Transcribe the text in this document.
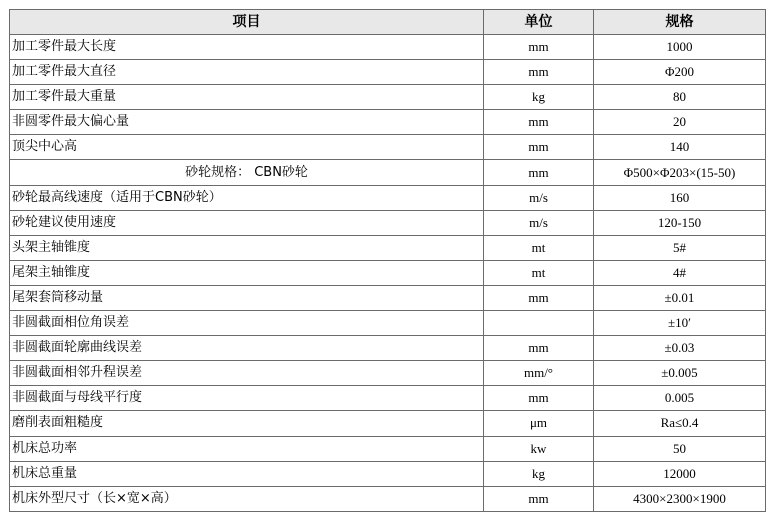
项目	单位	规格
加工零件最大长度	mm	1000
加工零件最大直径	mm	Φ200
加工零件最大重量	kg	80
非圆零件最大偏心量	mm	20
顶尖中心高	mm	140
砂轮规格： CBN砂轮	mm	Φ500×Φ203×(15-50)
砂轮最高线速度（适用于CBN砂轮）	m/s	160
砂轮建议使用速度	m/s	120-150
头架主轴锥度	mt	5#
尾架主轴锥度	mt	4#
尾架套筒移动量	mm	±0.01
非圆截面相位角误差		±10′
非圆截面轮廓曲线误差	mm	±0.03
非圆截面相邻升程误差	mm/°	±0.005
非圆截面与母线平行度	mm	0.005
磨削表面粗糙度	μm	Ra≤0.4
机床总功率	kw	50
机床总重量	kg	12000
机床外型尺寸（长×宽×高）	mm	4300×2300×1900
